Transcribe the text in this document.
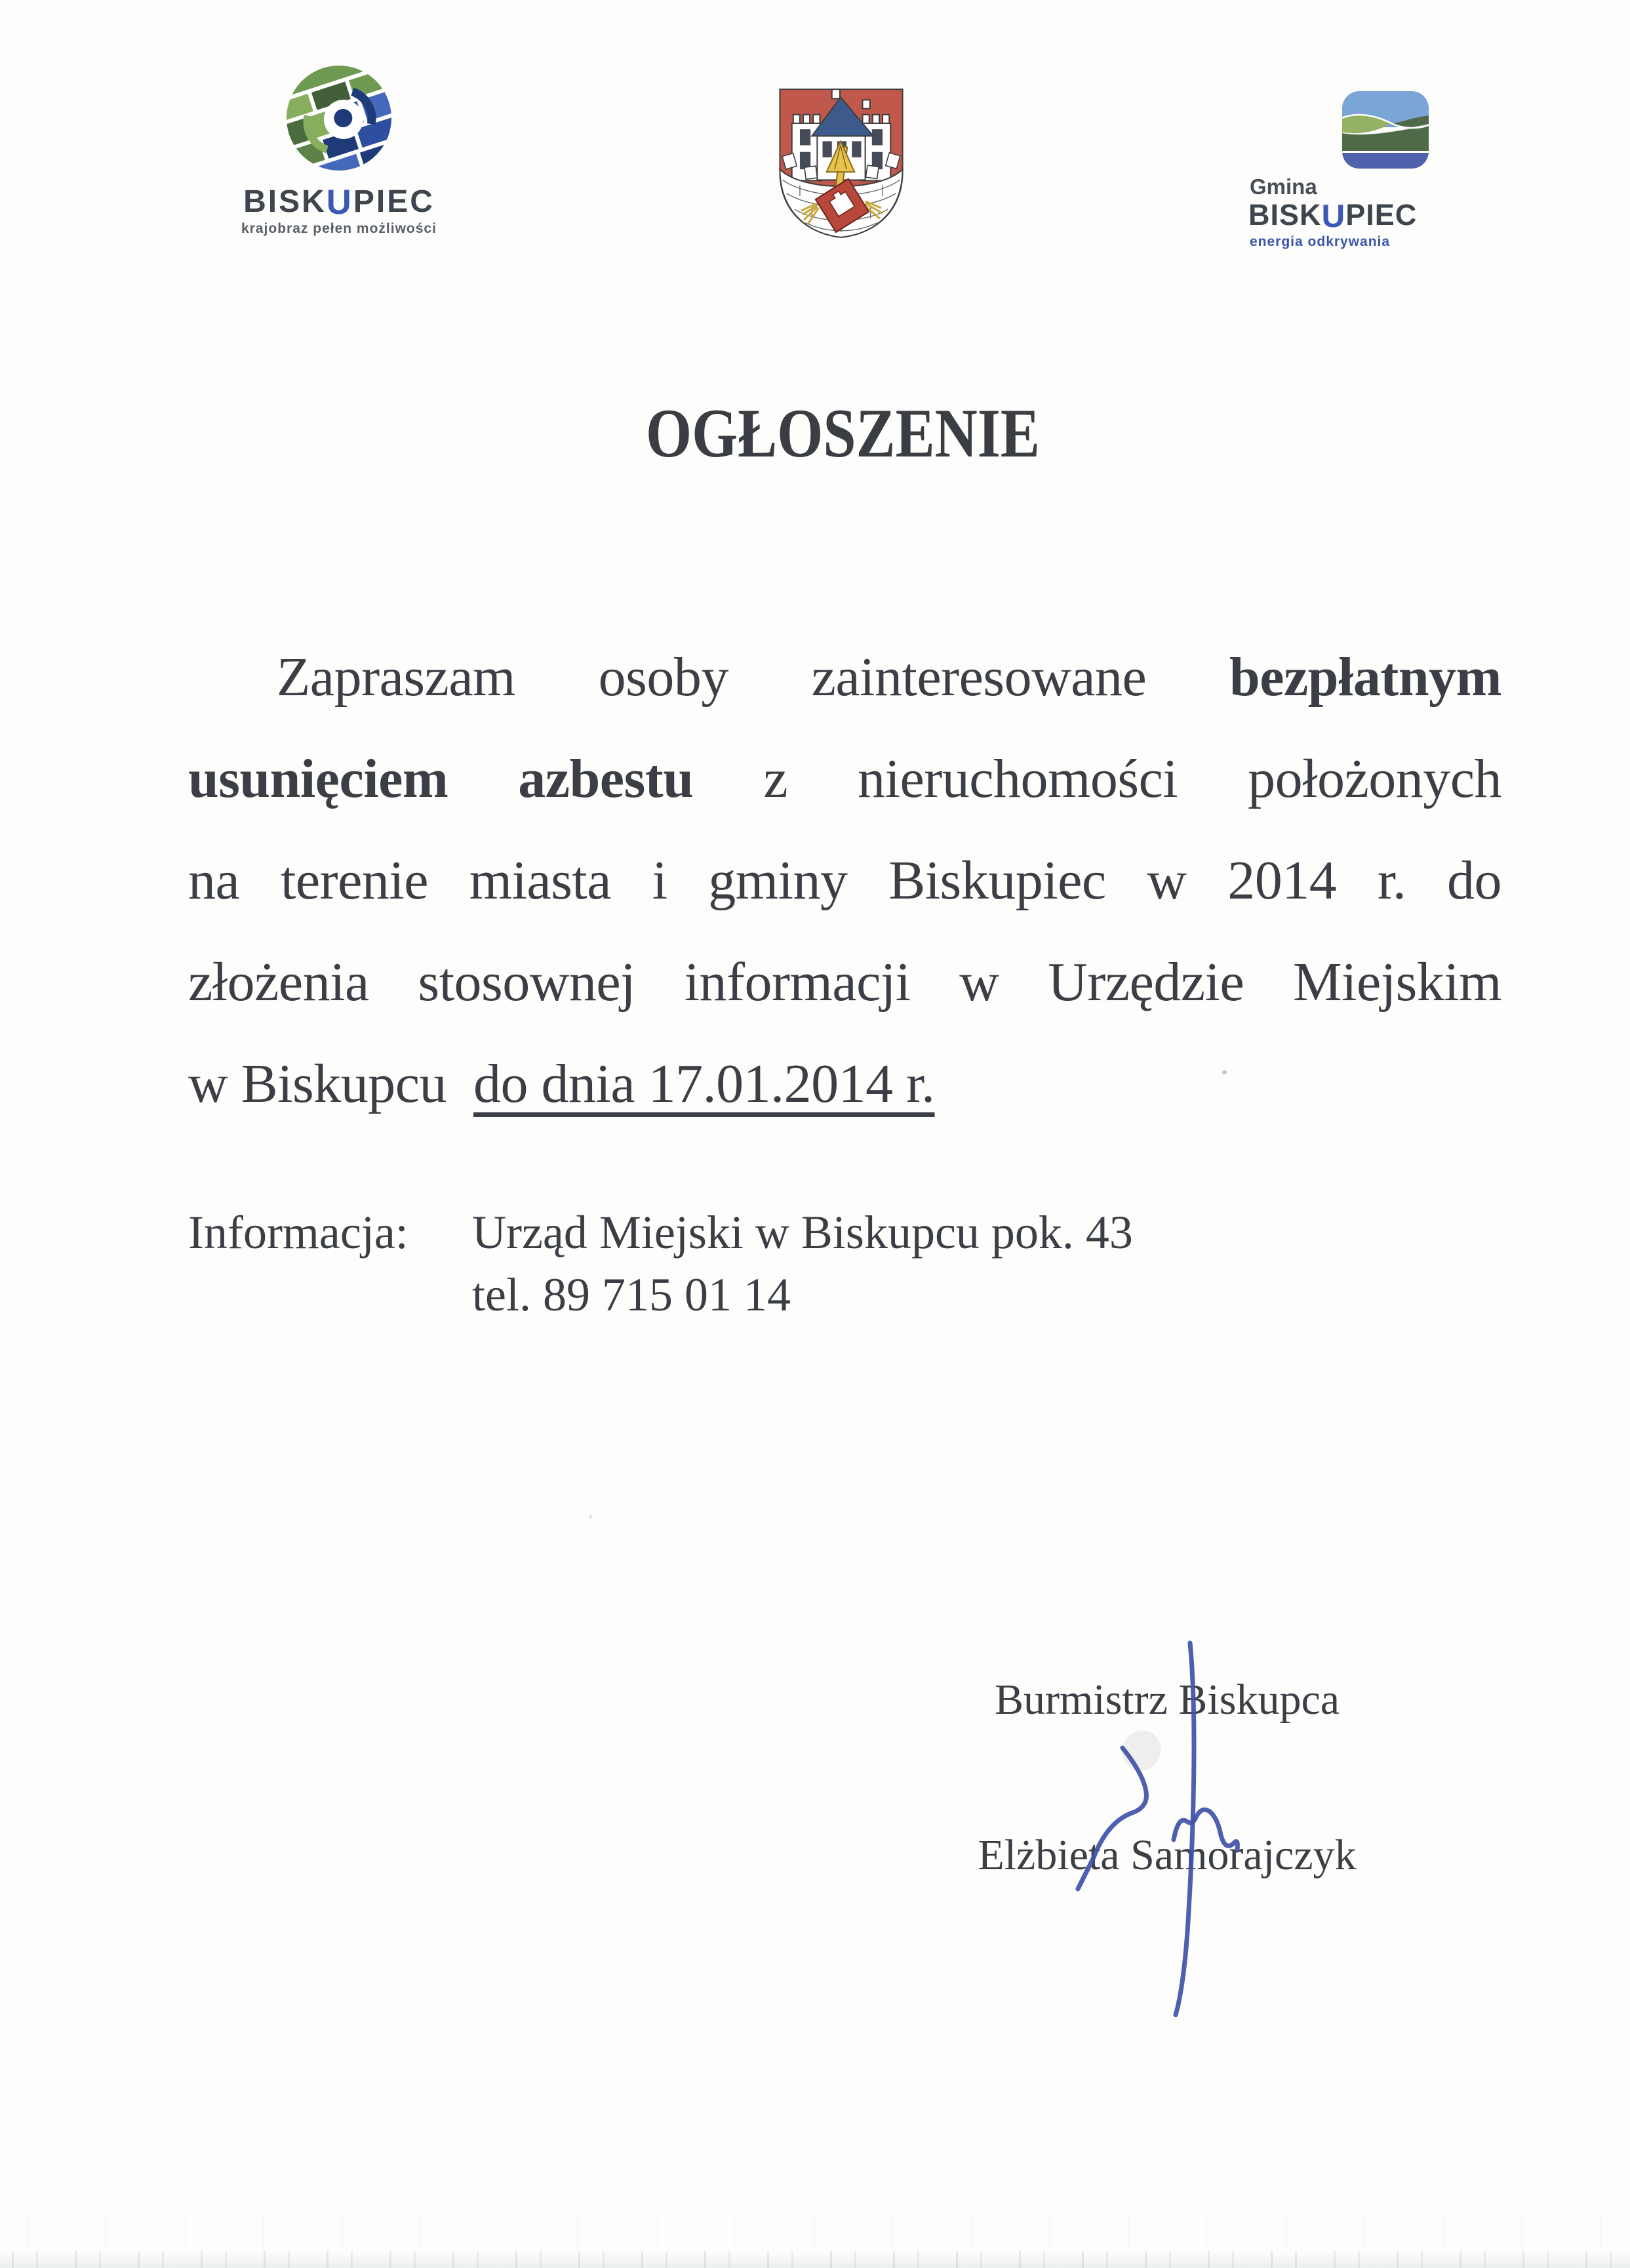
BISKUPIEC
krajobraz pełen możliwości
Gmina
BISKUPIEC
energia odkrywania
OGŁOSZENIE
Zapraszam osoby zainteresowane bezpłatnym
usunięciem azbestu z nieruchomości położonych
na terenie miasta i gminy Biskupiec w 2014 r. do
złożenia stosownej informacji w Urzędzie Miejskim
w Biskupcu  do dnia 17.01.2014 r.
Informacja:	Urząd Miejski w Biskupcu pok. 43
tel. 89 715 01 14
Burmistrz Biskupca
Elżbieta Samorajczyk
